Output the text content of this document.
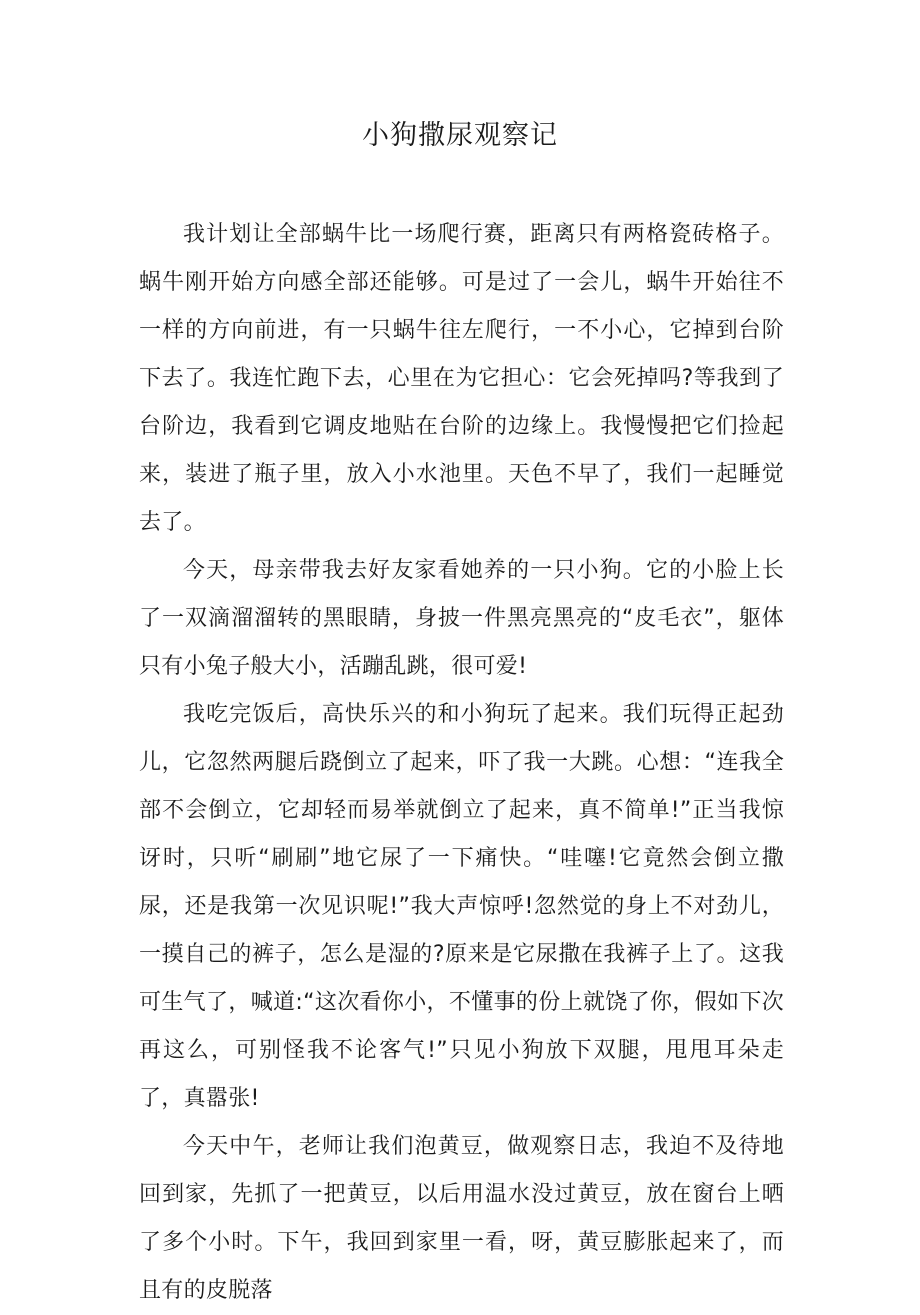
小狗撒尿观察记

我计划让全部蜗牛比一场爬行赛，距离只有两格瓷砖格子。蜗牛刚开始方向感全部还能够。可是过了一会儿，蜗牛开始往不一样的方向前进，有一只蜗牛往左爬行，一不小心，它掉到台阶下去了。我连忙跑下去，心里在为它担心：它会死掉吗?等我到了台阶边，我看到它调皮地贴在台阶的边缘上。我慢慢把它们捡起来，装进了瓶子里，放入小水池里。天色不早了，我们一起睡觉去了。

今天，母亲带我去好友家看她养的一只小狗。它的小脸上长了一双滴溜溜转的黑眼睛，身披一件黑亮黑亮的“皮毛衣”，躯体只有小兔子般大小，活蹦乱跳，很可爱!

我吃完饭后，高快乐兴的和小狗玩了起来。我们玩得正起劲儿，它忽然两腿后跷倒立了起来，吓了我一大跳。心想：“连我全部不会倒立，它却轻而易举就倒立了起来，真不简单!”正当我惊讶时，只听“刷刷”地它尿了一下痛快。“哇噻!它竟然会倒立撒尿，还是我第一次见识呢!”我大声惊呼!忽然觉的身上不对劲儿，一摸自己的裤子，怎么是湿的?原来是它尿撒在我裤子上了。这我可生气了，喊道:“这次看你小，不懂事的份上就饶了你，假如下次再这么，可别怪我不论客气!”只见小狗放下双腿，甩甩耳朵走了，真嚣张!

今天中午，老师让我们泡黄豆，做观察日志，我迫不及待地回到家，先抓了一把黄豆，以后用温水没过黄豆，放在窗台上晒了多个小时。下午，我回到家里一看，呀，黄豆膨胀起来了，而且有的皮脱落
